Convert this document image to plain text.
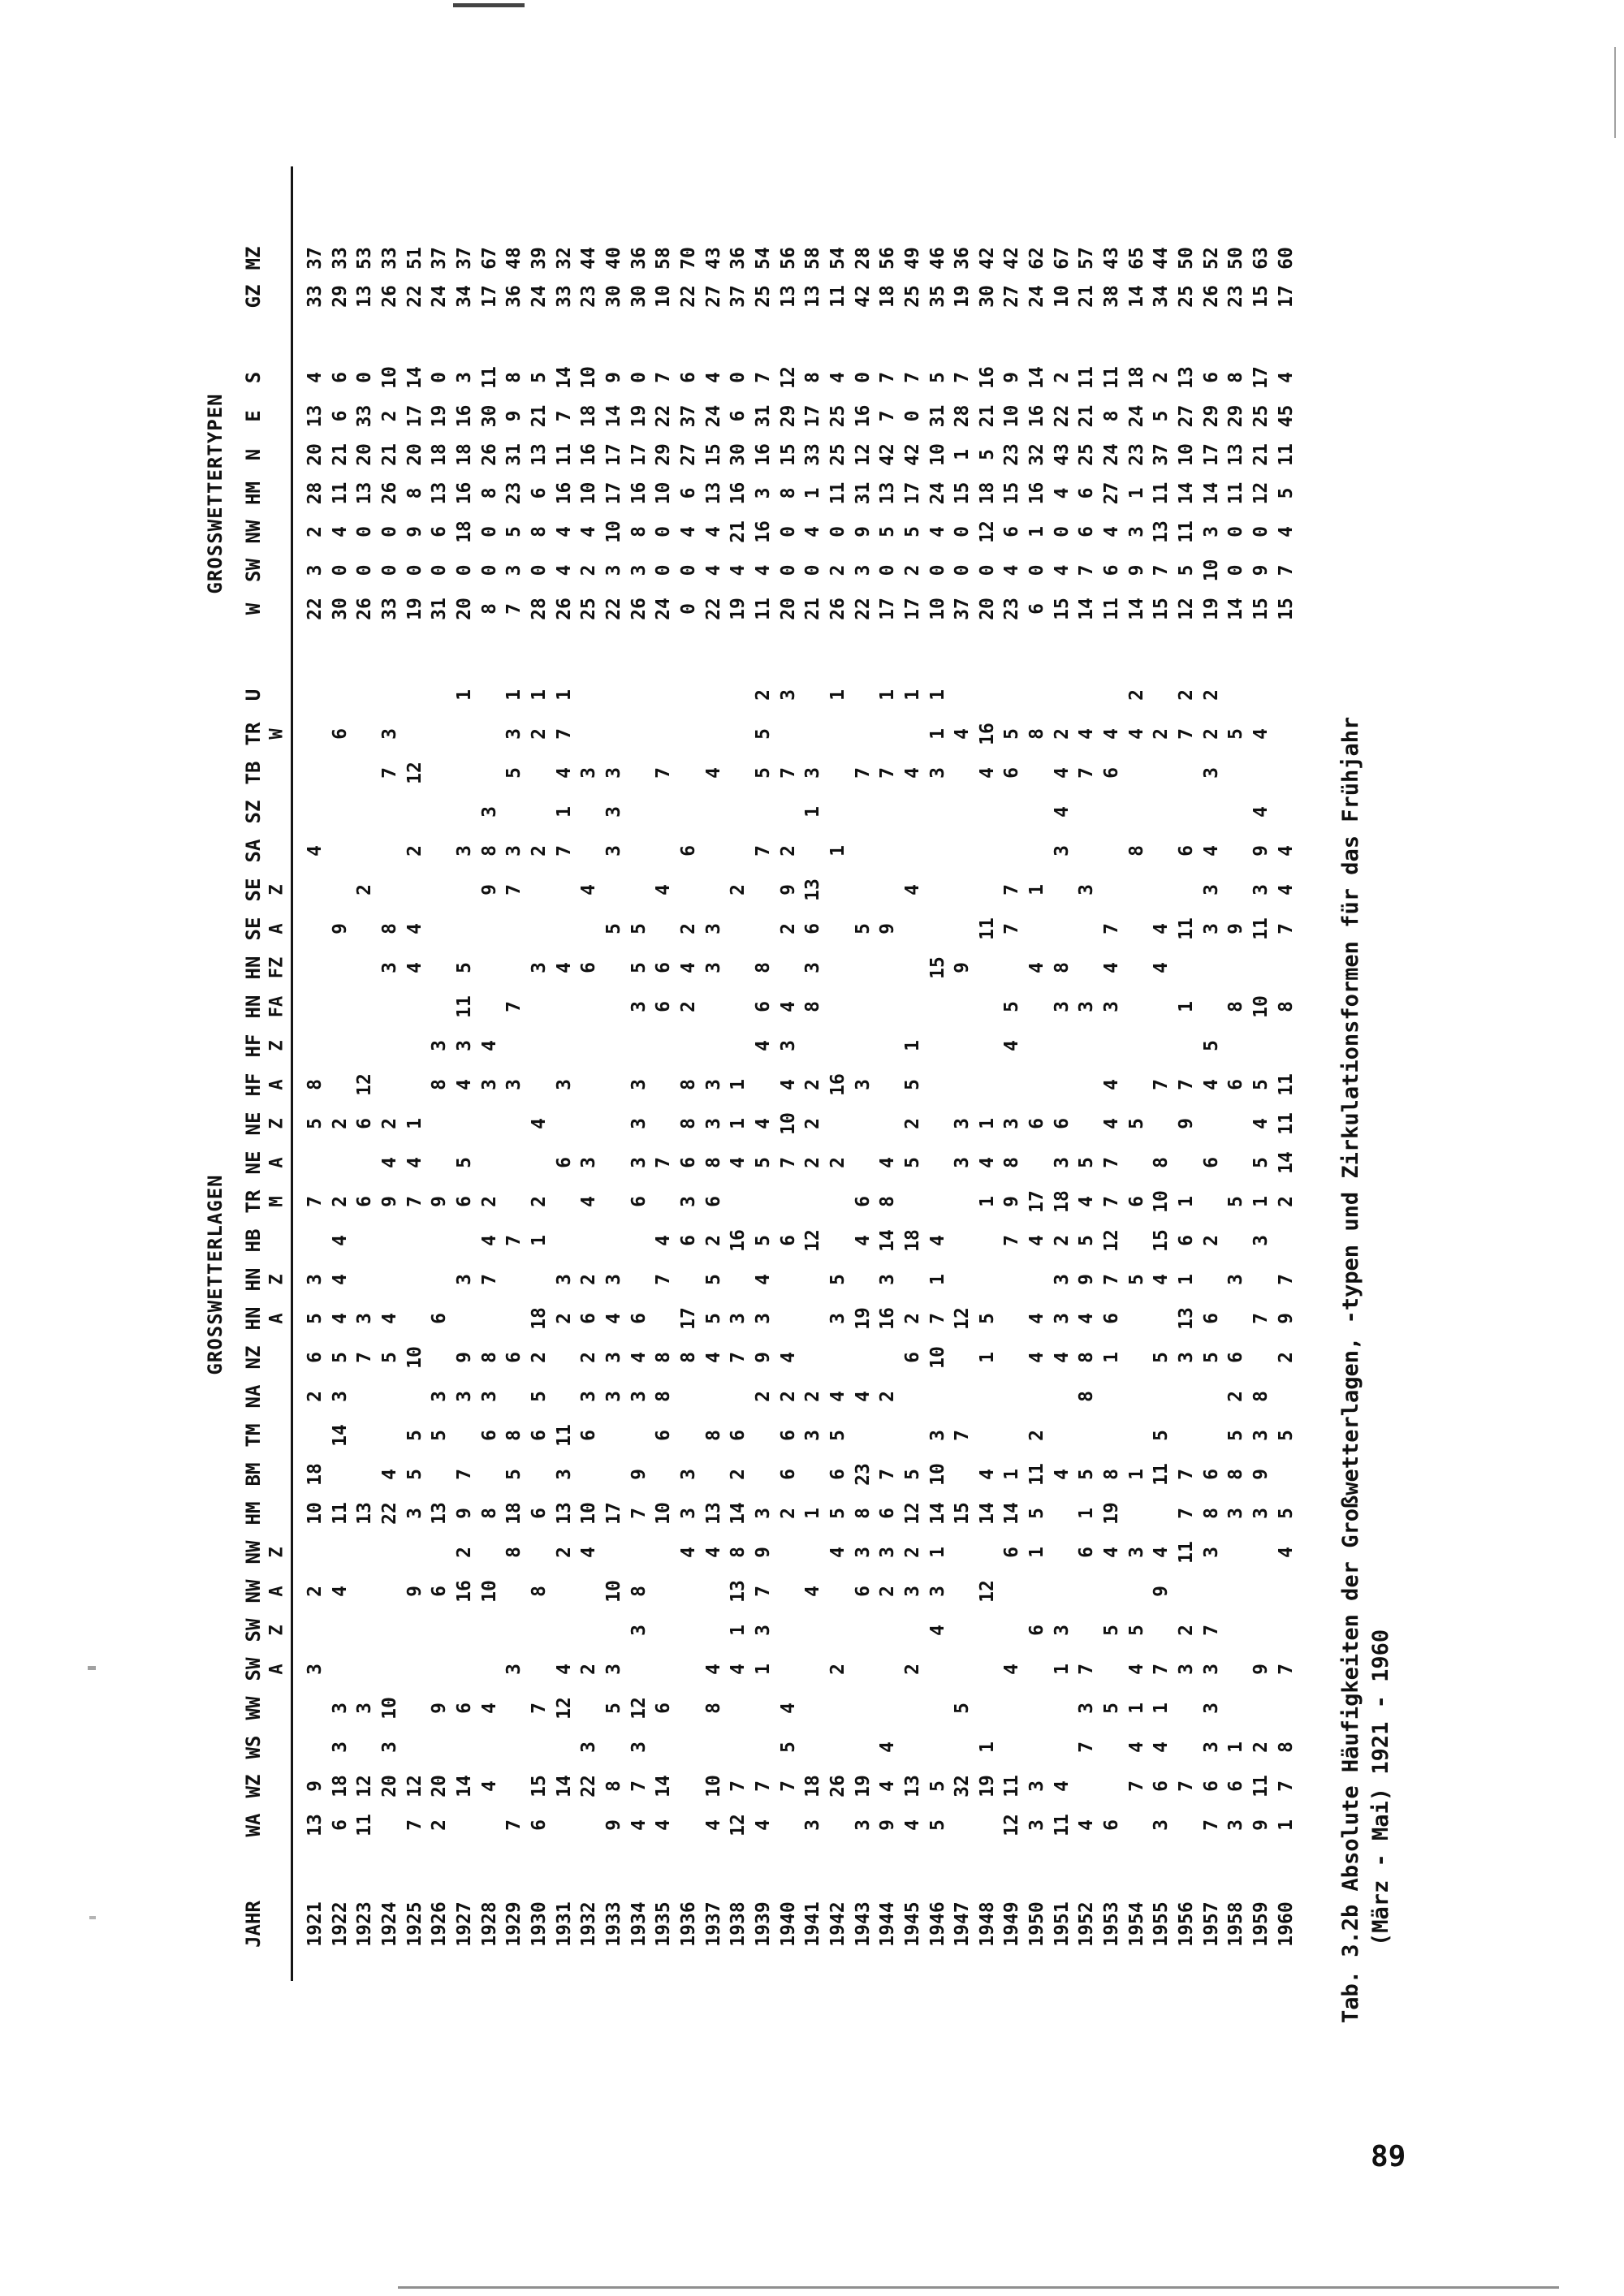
GROSSWETTERLAGEN
GROSSWETTERTYPEN
JAHR
WA
WZ
WS
WW
SW A
SW Z
NW A
NW Z
HM
BM
TM
NA
NZ
HN A
HN Z
HB
TR M
NE A
NE Z
HF A
HF Z
HN FA
HN FZ
SE A
SE Z
SA
SZ
TB
TR W
U
W
SW
NW
HM
N
E
S
GZ
MZ
1921
13
9
3
2
10
18
2
6
5
3
7
5
8
4
22
3
2
28
20
13
4
33
37
1922
6
18
3
3
4
11
14
3
5
4
4
4
2
2
9
6
30
0
4
11
21
6
6
29
33
1923
11
12
3
13
7
3
6
6
12
2
26
0
0
13
20
33
0
13
53
1924
20
3
10
22
4
5
4
9
4
2
3
8
7
3
33
0
0
26
21
2
10
26
33
1925
7
12
9
3
5
5
10
7
4
1
4
4
2
12
19
0
9
8
20
17
14
22
51
1926
2
20
9
6
13
5
3
6
9
8
3
31
0
6
13
18
19
0
24
37
1927
14
6
16
2
9
7
3
9
3
6
5
4
3
11
5
3
1
20
0
18
16
18
16
3
34
37
1928
4
4
10
8
6
3
8
7
4
2
3
4
9
8
3
8
0
0
8
26
30
11
17
67
1929
7
3
8
18
5
8
6
7
3
7
7
3
5
3
1
7
3
5
23
31
9
8
36
48
1930
6
15
7
8
6
6
5
2
18
1
2
4
3
2
2
1
28
0
8
6
13
21
5
24
39
1931
14
12
4
2
13
3
11
2
3
6
3
4
7
1
4
7
1
26
4
4
16
11
7
14
33
32
1932
22
3
2
4
10
6
3
2
6
2
4
3
6
4
3
25
2
4
10
16
18
10
23
44
1933
9
8
5
3
10
17
3
3
4
3
5
3
3
3
22
3
10
17
17
14
9
30
40
1934
4
7
3
12
3
8
7
9
3
4
6
6
3
3
3
3
5
5
26
3
8
16
17
19
0
30
36
1935
4
14
6
10
6
8
8
7
4
7
6
6
4
7
24
0
0
10
29
22
7
10
58
1936
4
3
3
8
17
6
3
6
8
8
2
4
2
6
0
0
4
6
27
37
6
22
70
1937
4
10
8
4
4
13
8
4
5
5
2
6
8
3
3
3
3
4
22
4
4
13
15
24
4
27
43
1938
12
7
4
1
13
8
14
2
6
7
3
16
4
1
1
2
19
4
21
16
30
6
0
37
36
1939
4
7
1
3
7
9
3
2
9
3
4
5
5
4
4
6
8
7
5
5
2
11
4
16
3
16
31
7
25
54
1940
7
5
4
2
6
6
2
4
6
7
10
4
3
4
2
9
2
7
3
20
0
0
8
15
29
12
13
56
1941
3
18
4
1
3
2
12
2
2
2
8
3
6
13
1
3
21
0
4
1
33
17
8
13
58
1942
26
2
4
5
6
5
4
3
5
2
16
1
1
26
2
0
11
25
25
4
11
54
1943
3
19
6
3
8
23
4
19
4
6
3
5
7
22
3
9
31
12
16
0
42
28
1944
9
4
4
2
3
6
7
2
16
3
14
8
4
9
7
1
17
0
5
13
42
7
7
18
56
1945
4
13
2
3
2
12
5
6
2
18
5
2
5
1
4
4
1
17
2
5
17
42
0
7
25
49
1946
5
5
4
3
1
14
10
3
10
7
1
4
15
3
1
1
10
0
4
24
10
31
5
35
46
1947
32
5
15
7
12
3
3
9
4
37
0
0
15
1
28
7
19
36
1948
19
1
12
14
4
1
5
1
4
1
11
4
16
20
0
12
18
5
21
16
30
42
1949
12
11
4
6
14
1
7
9
8
3
4
5
7
7
6
5
23
4
6
15
23
10
9
27
42
1950
3
3
6
1
5
11
2
4
4
4
17
6
4
1
8
6
0
1
16
32
16
14
24
62
1951
11
4
1
3
4
4
3
3
2
18
3
6
3
8
3
4
4
2
15
4
0
4
43
22
2
10
67
1952
4
7
3
7
6
1
5
8
8
4
9
5
4
5
3
3
7
4
14
7
6
6
25
21
11
21
57
1953
6
5
5
4
19
8
1
6
7
12
7
7
4
4
3
4
7
6
4
11
6
4
27
24
8
11
38
43
1954
7
4
1
4
5
3
1
5
6
5
8
4
2
14
9
3
1
23
24
18
14
65
1955
3
6
4
1
7
9
4
11
5
5
4
15
10
8
7
4
4
2
15
7
13
11
37
5
2
34
44
1956
7
3
2
11
7
7
3
13
1
6
1
9
7
1
11
6
7
2
12
5
11
14
10
27
13
25
50
1957
7
6
3
3
3
7
3
8
6
5
6
2
6
4
5
3
3
4
3
2
2
19
10
3
14
17
29
6
26
52
1958
3
6
1
3
8
5
2
6
3
5
6
8
9
5
14
0
0
11
13
29
8
23
50
1959
9
11
2
9
3
9
3
8
7
3
1
5
4
5
10
11
3
9
4
4
15
9
0
12
21
25
17
15
63
1960
1
7
8
7
4
5
5
2
9
7
2
14
11
11
8
7
4
4
15
7
4
5
11
45
4
17
60
Tab. 3.2b Absolute Häufigkeiten der Großwetterlagen, -typen und Zirkulationsformen für das Frühjahr (März - Mai) 1921 - 1960
89
